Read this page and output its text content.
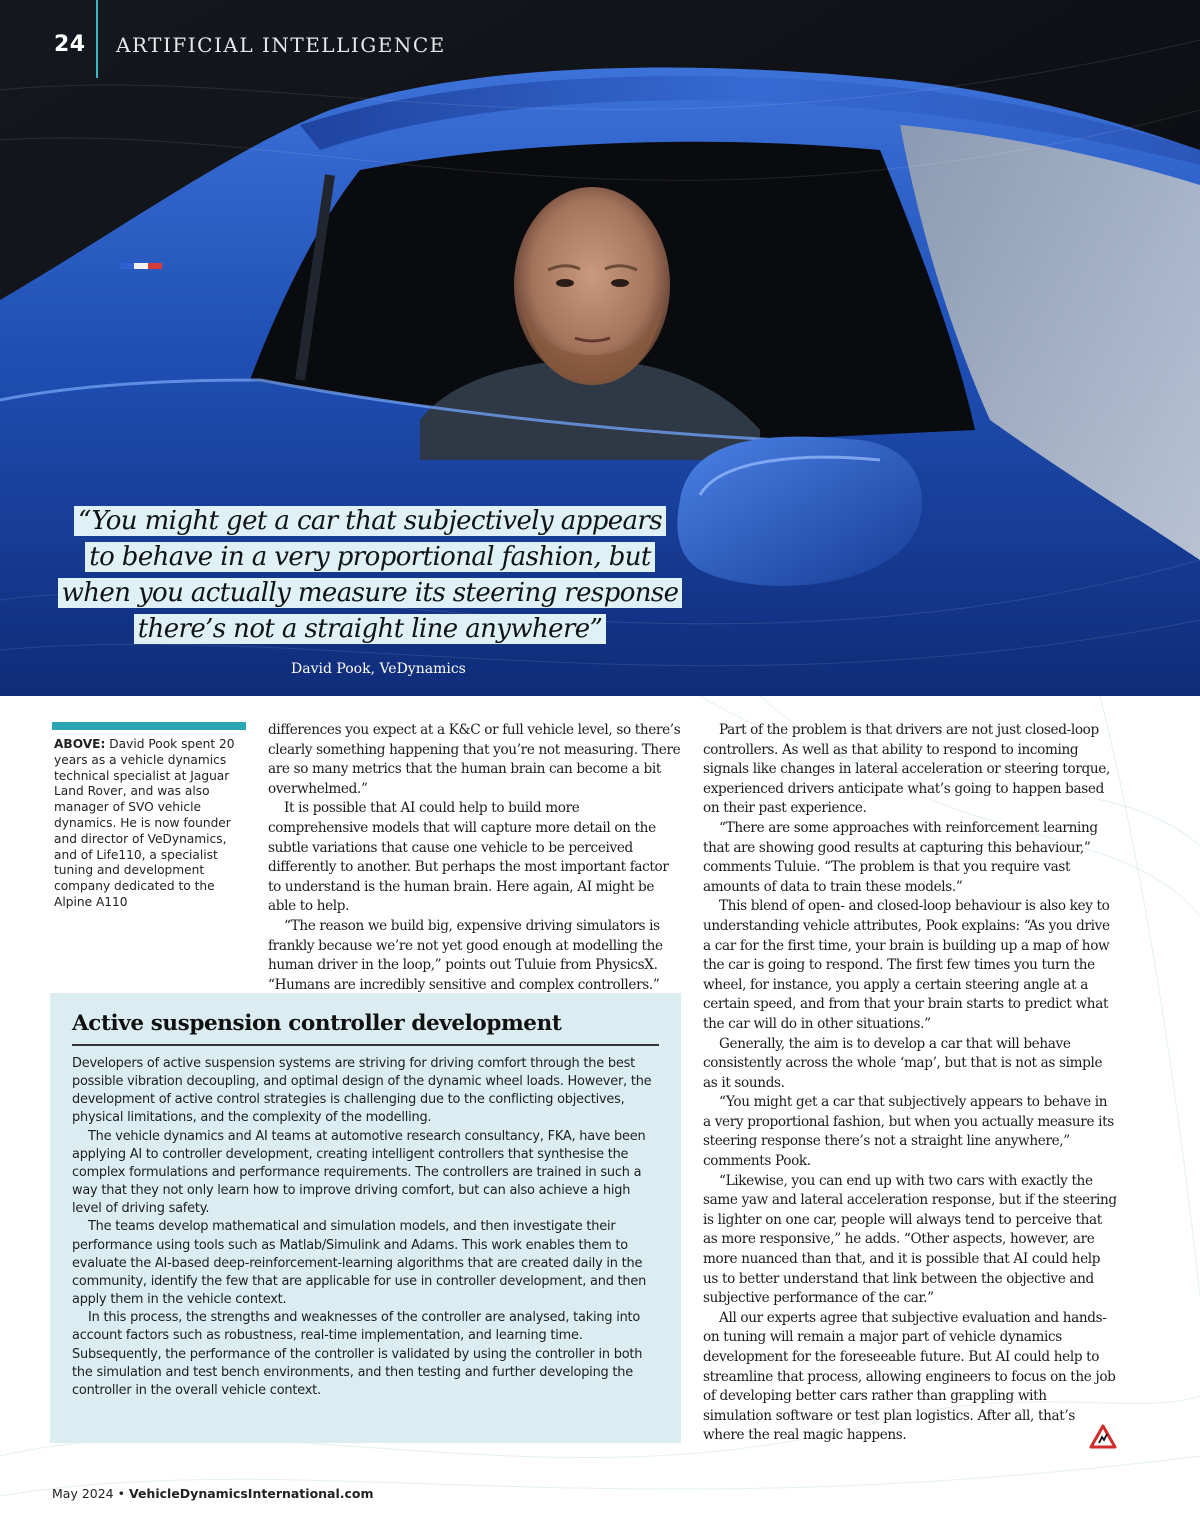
24 ARTIFICIAL INTELLIGENCE
“You might get a car that subjectively appears
to behave in a very proportional fashion, but
when you actually measure its steering response
there’s not a straight line anywhere”
David Pook, VeDynamics
ABOVE: David Pook spent 20 years as a vehicle dynamics technical specialist at Jaguar Land Rover, and was also manager of SVO vehicle dynamics. He is now founder and director of VeDynamics, and of Life110, a specialist tuning and development company dedicated to the Alpine A110

differences you expect at a K&C or full vehicle level, so there’s clearly something happening that you’re not measuring. There are so many metrics that the human brain can become a bit overwhelmed.”

It is possible that AI could help to build more comprehensive models that will capture more detail on the subtle variations that cause one vehicle to be perceived differently to another. But perhaps the most important factor to understand is the human brain. Here again, AI might be able to help.

“The reason we build big, expensive driving simulators is frankly because we’re not yet good enough at modelling the human driver in the loop,” points out Tuluie from PhysicsX. “Humans are incredibly sensitive and complex controllers.”

Part of the problem is that drivers are not just closed-loop controllers. As well as that ability to respond to incoming signals like changes in lateral acceleration or steering torque, experienced drivers anticipate what’s going to happen based on their past experience.

“There are some approaches with reinforcement learning that are showing good results at capturing this behaviour,” comments Tuluie. “The problem is that you require vast amounts of data to train these models.”

This blend of open- and closed-loop behaviour is also key to understanding vehicle attributes, Pook explains: “As you drive a car for the first time, your brain is building up a map of how the car is going to respond. The first few times you turn the wheel, for instance, you apply a certain steering angle at a certain speed, and from that your brain starts to predict what the car will do in other situations.”

Generally, the aim is to develop a car that will behave consistently across the whole ‘map’, but that is not as simple as it sounds.

“You might get a car that subjectively appears to behave in a very proportional fashion, but when you actually measure its steering response there’s not a straight line anywhere,” comments Pook.

“Likewise, you can end up with two cars with exactly the same yaw and lateral acceleration response, but if the steering is lighter on one car, people will always tend to perceive that as more responsive,” he adds. “Other aspects, however, are more nuanced than that, and it is possible that AI could help us to better understand that link between the objective and subjective performance of the car.”

All our experts agree that subjective evaluation and hands-on tuning will remain a major part of vehicle dynamics development for the foreseeable future. But AI could help to streamline that process, allowing engineers to focus on the job of developing better cars rather than grappling with simulation software or test plan logistics. After all, that’s where the real magic happens.

Active suspension controller development

Developers of active suspension systems are striving for driving comfort through the best possible vibration decoupling, and optimal design of the dynamic wheel loads. However, the development of active control strategies is challenging due to the conflicting objectives, physical limitations, and the complexity of the modelling.

The vehicle dynamics and AI teams at automotive research consultancy, FKA, have been applying AI to controller development, creating intelligent controllers that synthesise the complex formulations and performance requirements. The controllers are trained in such a way that they not only learn how to improve driving comfort, but can also achieve a high level of driving safety.

The teams develop mathematical and simulation models, and then investigate their performance using tools such as Matlab/Simulink and Adams. This work enables them to evaluate the AI-based deep-reinforcement-learning algorithms that are created daily in the community, identify the few that are applicable for use in controller development, and then apply them in the vehicle context.

In this process, the strengths and weaknesses of the controller are analysed, taking into account factors such as robustness, real-time implementation, and learning time. Subsequently, the performance of the controller is validated by using the controller in both the simulation and test bench environments, and then testing and further developing the controller in the overall vehicle context.

May 2024 • VehicleDynamicsInternational.com
